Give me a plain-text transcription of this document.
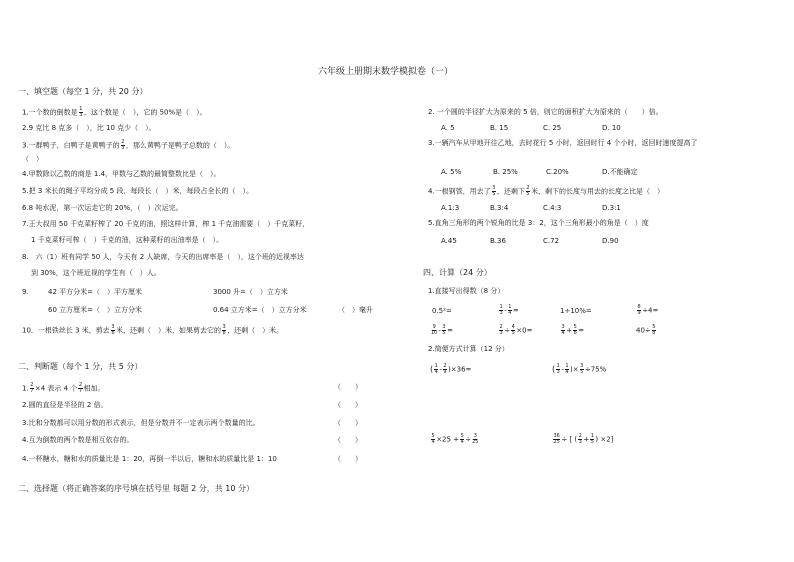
六年级上册期末数学模拟卷（一）
一、填空题（每空 1 分，共 20 分）
1.一个数的倒数是 $\frac{1}{3}$ ，这个数是（　），它的 50%是（　）。
2.9 克比 8 克多（　），比 10 克少（　）。
3.一群鸭子，白鸭子是黄鸭子的 $\frac{2}{3}$ ，那么黄鸭子是鸭子总数的（　）。
（　）
4.甲数除以乙数的商是 1.4，甲数与乙数的最简整数比是（　）。
5.把 3 米长的绳子平均分成 5 段，每段长（　）米，每段占全长的（　）。
6.8 吨水泥，第一次运走它的 20%，（　）次运完。
7.王大叔用 50 千克菜籽榨了 20 千克的油，照这样计算，榨 1 千克油需要（　）千克菜籽，
1 千克菜籽可榨（　）千克的油，这种菜籽的出油率是（　）。
8.　六（1）班有同学 50 人，今天有 2 人缺席，今天的出席率是（　），这个班的近视率达
到 30%，这个班近视的学生有（　）人。
9.	42 平方分米=（　）平方厘米	3000 升=（　）立方米
60 立方厘米=（　）立方分米	0.64 立方米=（　）立方分米	（　）毫升
10．一根铁丝长 3 米，剪去 $\frac{3}{8}$ 米，还剩（　）米，如果剪去它的 $\frac{3}{8}$ ，还剩（　）米。
二、判断题（每个 1 分，共 5 分）
1. $\frac{2}{7} \times 4$ 表示 4 个 $\frac{2}{7}$ 相加。	（　　）
2.圆的直径是半径的 2 倍。	（　　）
3.比和分数都可以用分数的形式表示，但是分数并不一定表示两个数量的比。	（　　）
4.互为倒数的两个数是相互依存的。	（　　）
4.一杯糖水，糖和水的质量比是 1：20，再倒一半以后，糖和水的质量比是 1：10	（　　）
二、选择题（将正确答案的序号填在括号里 每题 2 分，共 10 分）
2. 一个圆的半径扩大为原来的 5 倍，则它的面积扩大为原来的（　　）倍。
A. 5	B. 15	C. 25	D. 10
3.一辆汽车从甲地开往乙地，去时花行 5 小时，返回时行 4 个小时，返回时速度提高了
A. 5%	B. 25%	C.20%	D.不能确定
4.一根钢管，用去了 $\frac{3}{5}$ ，还剩下 $\frac{2}{5}$ 米，剩下的长度与用去的长度之比是（　）
A.1:3	B.3:4	C.4:3	D.3:1
5.直角三角形的两个锐角的比是 3：2，这个三角形最小的角是（　）度
A.45	B.36	C.72	D.90
四、计算（24 分）
1.直接写出得数（8 分）
0.5²=	$\frac{1}{3} - \frac{1}{4}$ =	1÷10%=	$\frac{8}{9} \div 4=$
$\frac{9}{10} - \frac{3}{5}$ =	$\frac{2}{3} \div \frac{4}{5} \times 0=$	$\frac{3}{4} + \frac{5}{8}$ =	$40\div \frac{5}{8}$
2.简便方式计算（12 分）
( $\frac{1}{4} - \frac{2}{9} )\times 36=$	( $\frac{1}{3} - \frac{1}{4}$ )× $\frac{3}{5} \div 75\%$
$\frac{5}{4} \times 25 + \frac{5}{4} \div \frac{3}{25}$	$\frac{36}{25}$ ÷ [ ( $\frac{2}{3} + \frac{1}{5}$ ) ×2]
